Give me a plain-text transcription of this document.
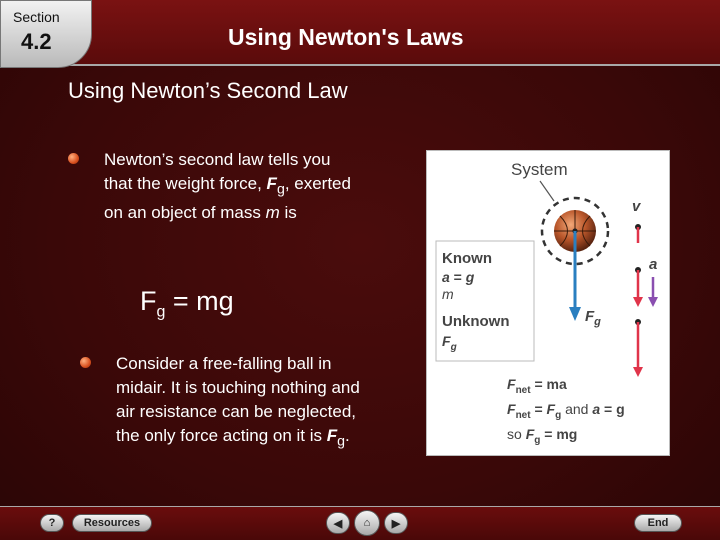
Section
4.2	Using Newton's Laws
Using Newton’s Second Law
Newton’s second law tells you that the weight force, $F_g$, exerted on an object of mass m is
$F_g$ = mg
Consider a free-falling ball in midair. It is touching nothing and air resistance can be neglected, the only force acting on it is $F_g$.
System
$F_g$
v
a
Known
a = g
m
Unknown
$F_g$
$F_{net}$ = ma
$F_{net} = F_g$ and a = g
so $F_g$ = mg
?	Resources	◀	⌂	▶	End
